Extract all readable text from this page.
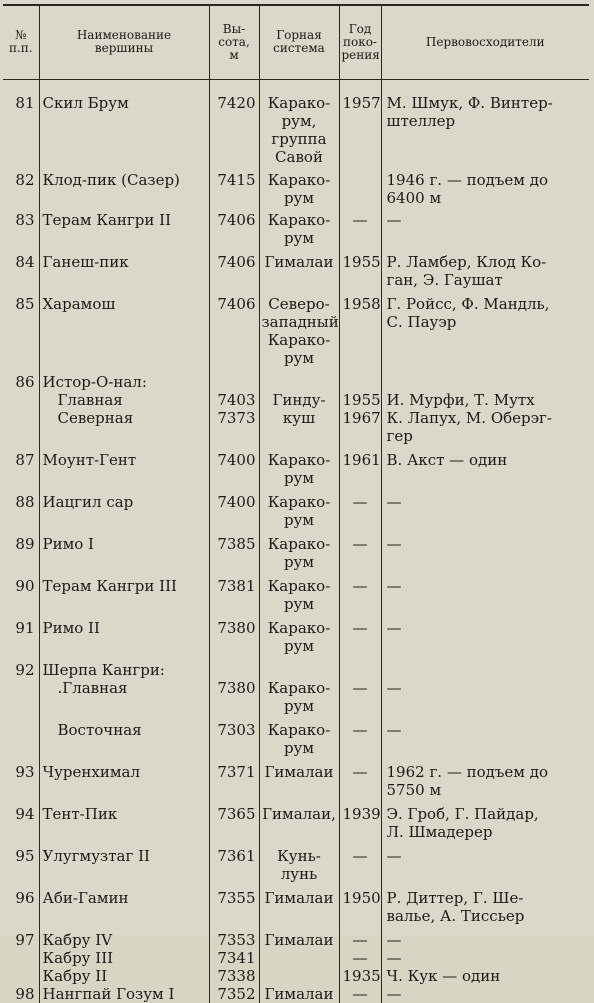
№
п.п.	Наименование
вершины	Вы-
сота,
м	Горная
система	Год
поко-
рения	Первовосходители
81	Скил Брум	7420	Карако-
рум,
группа
Савой	1957	М. Шмук, Ф. Винтер-
штеллер
82	Клод-пик (Сазер)	7415	Карако-
рум		1946 г. — подъем до
6400 м
83	Терам Кангри II	7406	Карако-
рум	—	—
84	Ганеш-пик	7406	Гималаи	1955	Р. Ламбер, Клод Ко-
ган, Э. Гаушат
85	Харамош	7406	Северо-
западный
Карако-
рум	1958	Г. Ройсс, Ф. Мандль,
С. Пауэр
86	Истор-О-нал:				

	Главная	7403	Гинду-	1955	И. Мурфи, Т. Мутх

	Северная	7373	куш	1967	К. Лапух, М. Оберэг-
гер
87	Моунт-Гент	7400	Карако-
рум	1961	В. Акст — один
88	Иацгил сар	7400	Карако-
рум	—	—
89	Римо I	7385	Карако-
рум	—	—
90	Терам Кангри III	7381	Карако-
рум	—	—
91	Римо II	7380	Карако-
рум	—	—
92	Шерпа Кангри:				

	.Главная	7380	Карако-
рум	—	—

	Восточная	7303	Карако-
рум	—	—
93	Чуренхимал	7371	Гималаи	—	1962 г. — подъем до
5750 м
94	Тент-Пик	7365	Гималаи,	1939	Э. Гроб, Г. Пайдар,
Л. Шмадерер
95	Улугмузтаг II	7361	Кунь-
лунь	—	—
96	Аби-Гамин	7355	Гималаи	1950	Р. Диттер, Г. Ше-
валье, А. Тиссьер
97	Кабру IV	7353	Гималаи	—	—
	Кабру III	7341		—	—
	Кабру II	7338		1935	Ч. Кук — один
98	Нангпай Гозум I	7352	Гималаи	—	—
